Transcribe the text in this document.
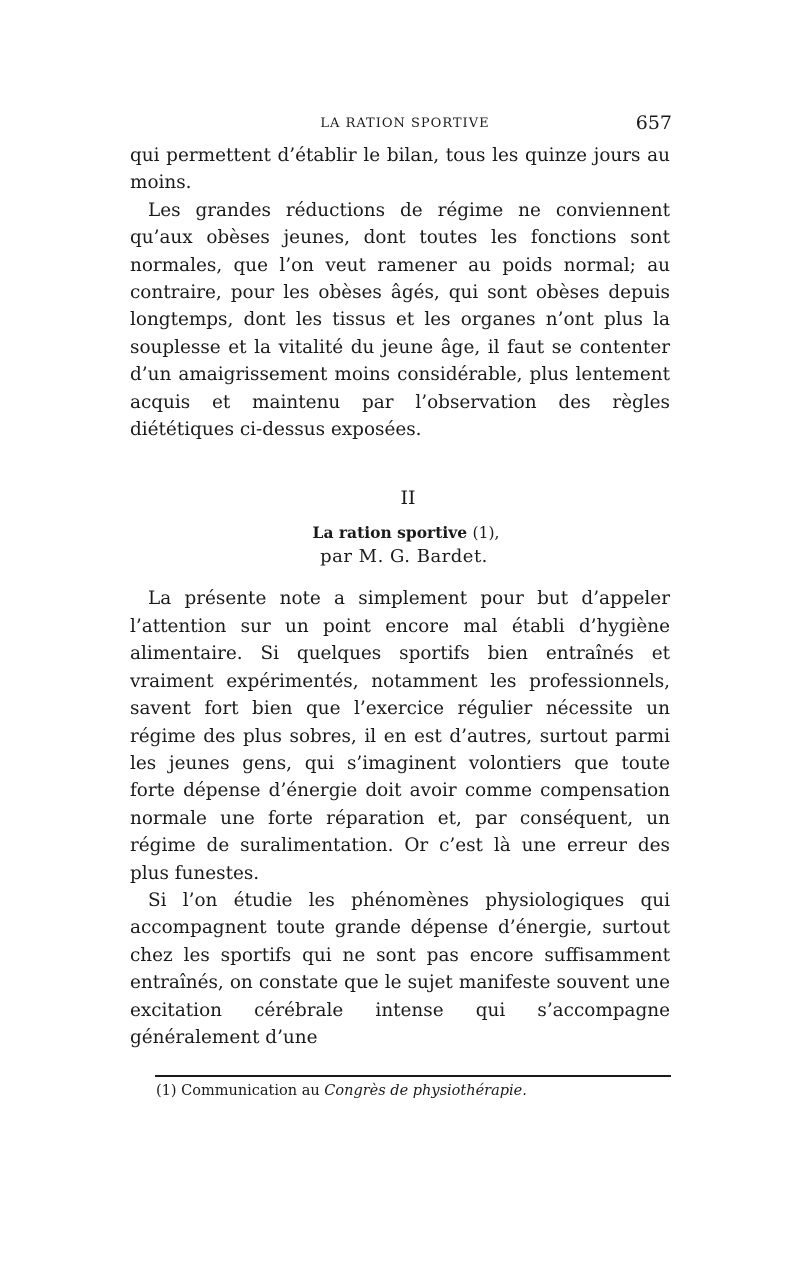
LA RATION SPORTIVE	657

qui permettent d’établir le bilan, tous les quinze jours au moins.

Les grandes réductions de régime ne conviennent qu’aux obèses jeunes, dont toutes les fonctions sont normales, que l’on veut ramener au poids normal; au contraire, pour les obèses âgés, qui sont obèses depuis longtemps, dont les tissus et les organes n’ont plus la souplesse et la vitalité du jeune âge, il faut se contenter d’un amaigrissement moins considérable, plus lentement acquis et maintenu par l’observation des règles diététiques ci-dessus exposées.

II
La ration sportive (1),
par M. G. Bardet.

La présente note a simplement pour but d’appeler l’attention sur un point encore mal établi d’hygiène alimentaire. Si quelques sportifs bien entraînés et vraiment expérimentés, notamment les professionnels, savent fort bien que l’exercice régulier nécessite un régime des plus sobres, il en est d’autres, surtout parmi les jeunes gens, qui s’imaginent volontiers que toute forte dépense d’énergie doit avoir comme compensation normale une forte réparation et, par conséquent, un régime de suralimentation. Or c’est là une erreur des plus funestes.

Si l’on étudie les phénomènes physiologiques qui accompagnent toute grande dépense d’énergie, surtout chez les sportifs qui ne sont pas encore suffisamment entraînés, on constate que le sujet manifeste souvent une excitation cérébrale intense qui s’accompagne généralement d’une

(1) Communication au Congrès de physiothérapie.
